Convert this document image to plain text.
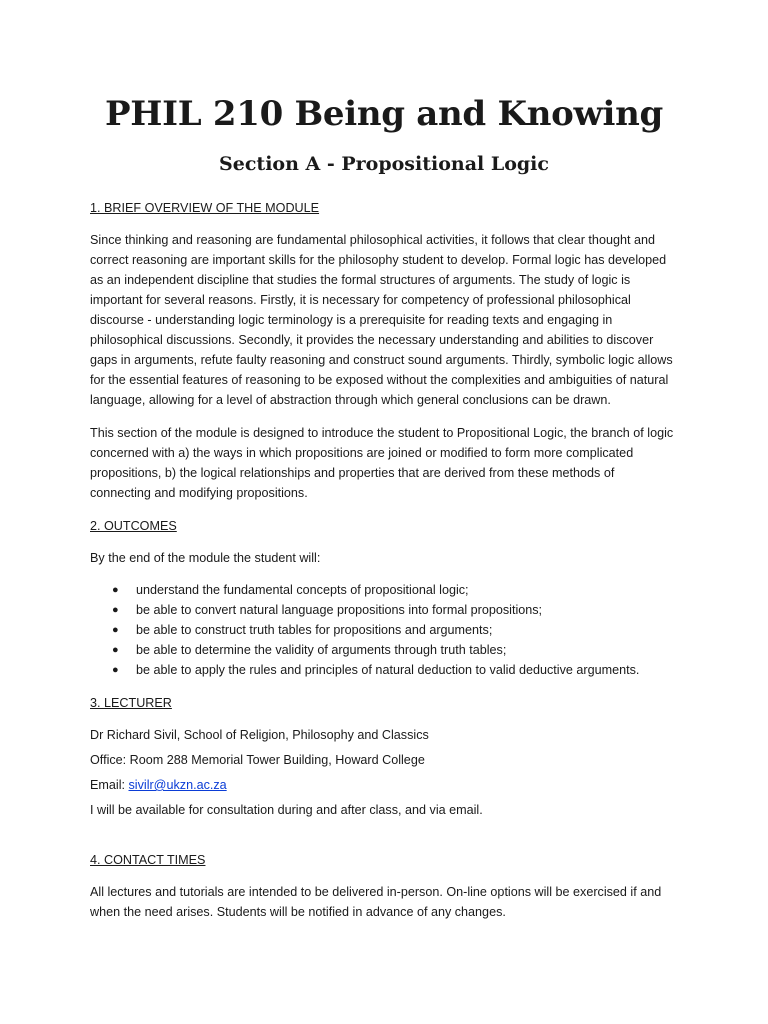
PHIL 210 Being and Knowing
Section A - Propositional Logic

1. BRIEF OVERVIEW OF THE MODULE

Since thinking and reasoning are fundamental philosophical activities, it follows that clear thought and correct reasoning are important skills for the philosophy student to develop. Formal logic has developed as an independent discipline that studies the formal structures of arguments. The study of logic is important for several reasons. Firstly, it is necessary for competency of professional philosophical discourse - understanding logic terminology is a prerequisite for reading texts and engaging in philosophical discussions. Secondly, it provides the necessary understanding and abilities to discover gaps in arguments, refute faulty reasoning and construct sound arguments. Thirdly, symbolic logic allows for the essential features of reasoning to be exposed without the complexities and ambiguities of natural language, allowing for a level of abstraction through which general conclusions can be drawn.

This section of the module is designed to introduce the student to Propositional Logic, the branch of logic concerned with a) the ways in which propositions are joined or modified to form more complicated propositions, b) the logical relationships and properties that are derived from these methods of connecting and modifying propositions.

2. OUTCOMES

By the end of the module the student will:

● understand the fundamental concepts of propositional logic;
● be able to convert natural language propositions into formal propositions;
● be able to construct truth tables for propositions and arguments;
● be able to determine the validity of arguments through truth tables;
● be able to apply the rules and principles of natural deduction to valid deductive arguments.

3. LECTURER

Dr Richard Sivil, School of Religion, Philosophy and Classics

Office: Room 288 Memorial Tower Building, Howard College

Email: sivilr@ukzn.ac.za

I will be available for consultation during and after class, and via email.

4. CONTACT TIMES

All lectures and tutorials are intended to be delivered in-person. On-line options will be exercised if and when the need arises. Students will be notified in advance of any changes.
